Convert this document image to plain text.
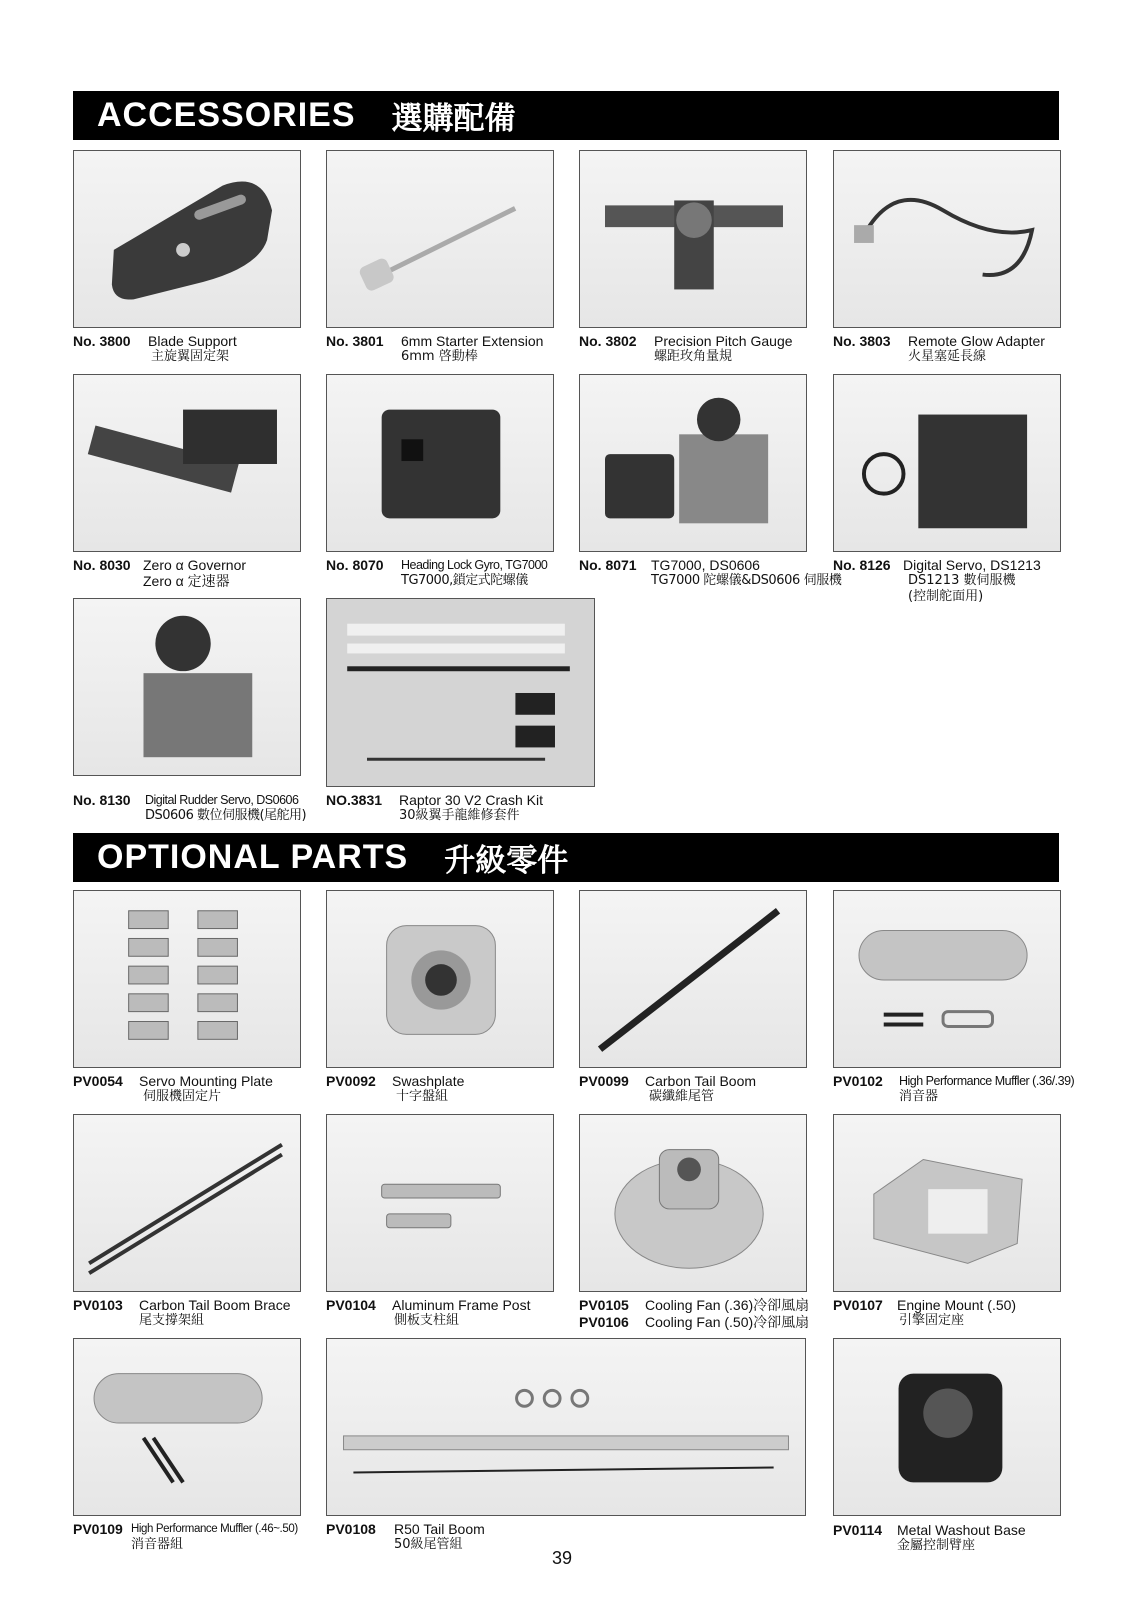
ACCESSORIES 選購配備
No. 3800 Blade Support
主旋翼固定架
No. 3801 6mm Starter Extension
6mm 啓動棒
No. 3802 Precision Pitch Gauge
螺距玫角量規
No. 3803 Remote Glow Adapter
火星塞延長線
No. 8030 Zero α Governor
Zero α 定速器
No. 8070 Heading Lock Gyro, TG7000
TG7000,鎖定式陀螺儀
No. 8071 TG7000, DS0606
TG7000 陀螺儀&DS0606 伺服機
No. 8126 Digital Servo, DS1213
DS1213 數伺服機
(控制舵面用)
No. 8130 Digital Rudder Servo, DS0606
DS0606 數位伺服機(尾舵用)
NO.3831 Raptor 30 V2 Crash Kit
30級翼手龍維修套件
OPTIONAL PARTS 升級零件
PV0054 Servo Mounting Plate
伺服機固定片
PV0092 Swashplate
十字盤組
PV0099 Carbon Tail Boom
碳纖維尾管
PV0102 High Performance Muffler (.36/.39)
消音器
PV0103 Carbon Tail Boom Brace
尾支撐架組
PV0104 Aluminum Frame Post
側板支柱組
PV0105 Cooling Fan (.36)冷卻風扇
PV0106 Cooling Fan (.50)冷卻風扇
PV0107 Engine Mount (.50)
引擎固定座
PV0109 High Performance Muffler (.46~.50)
消音器組
PV0108 R50 Tail Boom
50級尾管組
PV0114 Metal Washout Base
金屬控制臂座
39
